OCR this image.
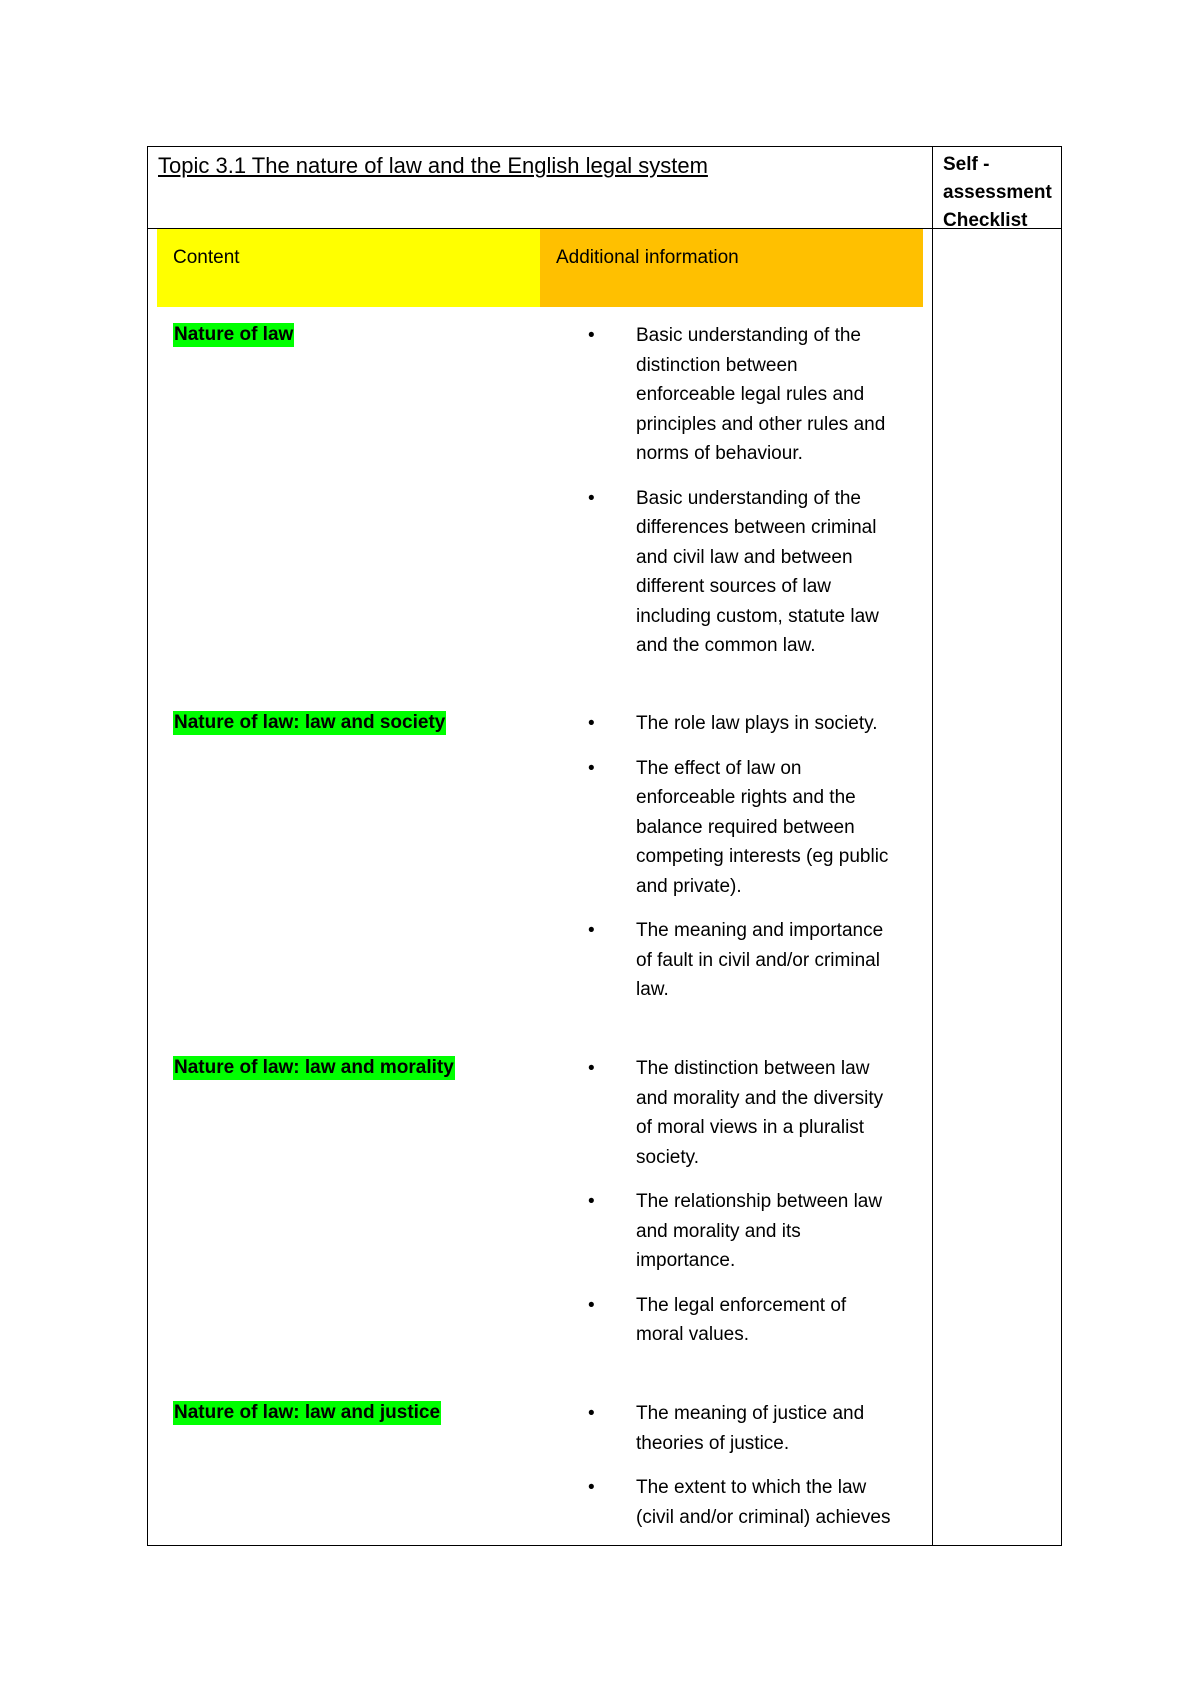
Topic 3.1 The nature of law and the English legal system	Self - assessment Checklist
Content	Additional information
Nature of law	• Basic understanding of the distinction between enforceable legal rules and principles and other rules and norms of behaviour.
• Basic understanding of the differences between criminal and civil law and between different sources of law including custom, statute law and the common law.
Nature of law: law and society	• The role law plays in society.
• The effect of law on enforceable rights and the balance required between competing interests (eg public and private).
• The meaning and importance of fault in civil and/or criminal law.
Nature of law: law and morality	• The distinction between law and morality and the diversity of moral views in a pluralist society.
• The relationship between law and morality and its importance.
• The legal enforcement of moral values.
Nature of law: law and justice	• The meaning of justice and theories of justice.
• The extent to which the law (civil and/or criminal) achieves
